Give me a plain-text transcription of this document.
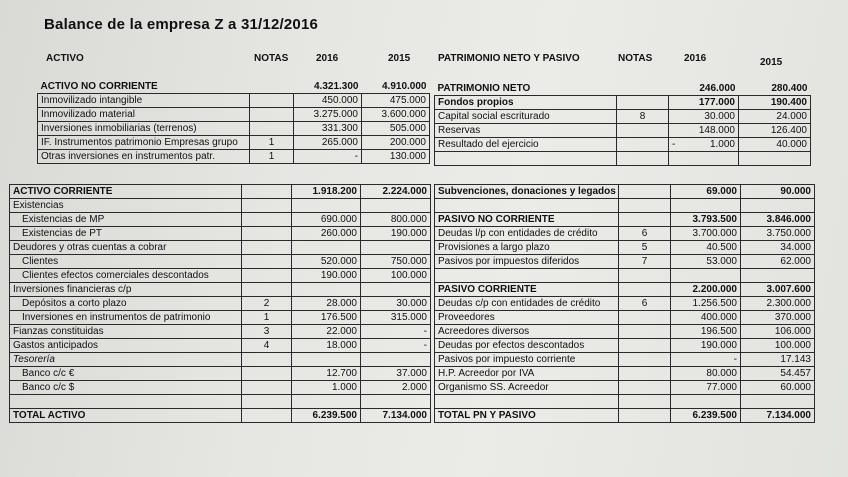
Balance de la empresa Z a 31/12/2016
ACTIVO	NOTAS	2016	2015	PATRIMONIO NETO Y PASIVO	NOTAS	2016	2015
ACTIVO NO CORRIENTE		4.321.300	4.910.000
Inmovilizado intangible		450.000	475.000
Inmovilizado material		3.275.000	3.600.000
Inversiones inmobiliarias (terrenos)		331.300	505.000
IF. Instrumentos patrimonio Empresas grupo	1	265.000	200.000
Otras inversiones en instrumentos patr.	1	-	130.000
PATRIMONIO NETO		246.000	280.400
Fondos propios		177.000	190.400
Capital social escriturado	8	30.000	24.000
Reservas		148.000	126.400
Resultado del ejercicio		- 1.000	40.000

ACTIVO CORRIENTE		1.918.200	2.224.000
Existencias			
Existencias de MP		690.000	800.000
Existencias de PT		260.000	190.000
Deudores y otras cuentas a cobrar			
Clientes		520.000	750.000
Clientes efectos comerciales descontados		190.000	100.000
Inversiones financieras c/p			
Depósitos a corto plazo	2	28.000	30.000
Inversiones en instrumentos de patrimonio	1	176.500	315.000
Fianzas constituidas	3	22.000	-
Gastos anticipados	4	18.000	-
Tesorería			
Banco c/c €		12.700	37.000
Banco c/c $		1.000	2.000

TOTAL ACTIVO		6.239.500	7.134.000
Subvenciones, donaciones y legados		69.000	90.000

PASIVO NO CORRIENTE		3.793.500	3.846.000
Deudas l/p con entidades de crédito	6	3.700.000	3.750.000
Provisiones a largo plazo	5	40.500	34.000
Pasivos por impuestos diferidos	7	53.000	62.000

PASIVO CORRIENTE		2.200.000	3.007.600
Deudas c/p con entidades de crédito	6	1.256.500	2.300.000
Proveedores		400.000	370.000
Acreedores diversos		196.500	106.000
Deudas por efectos descontados		190.000	100.000
Pasivos por impuesto corriente		-	17.143
H.P. Acreedor por IVA		80.000	54.457
Organismo SS. Acreedor		77.000	60.000

TOTAL PN Y PASIVO		6.239.500	7.134.000
